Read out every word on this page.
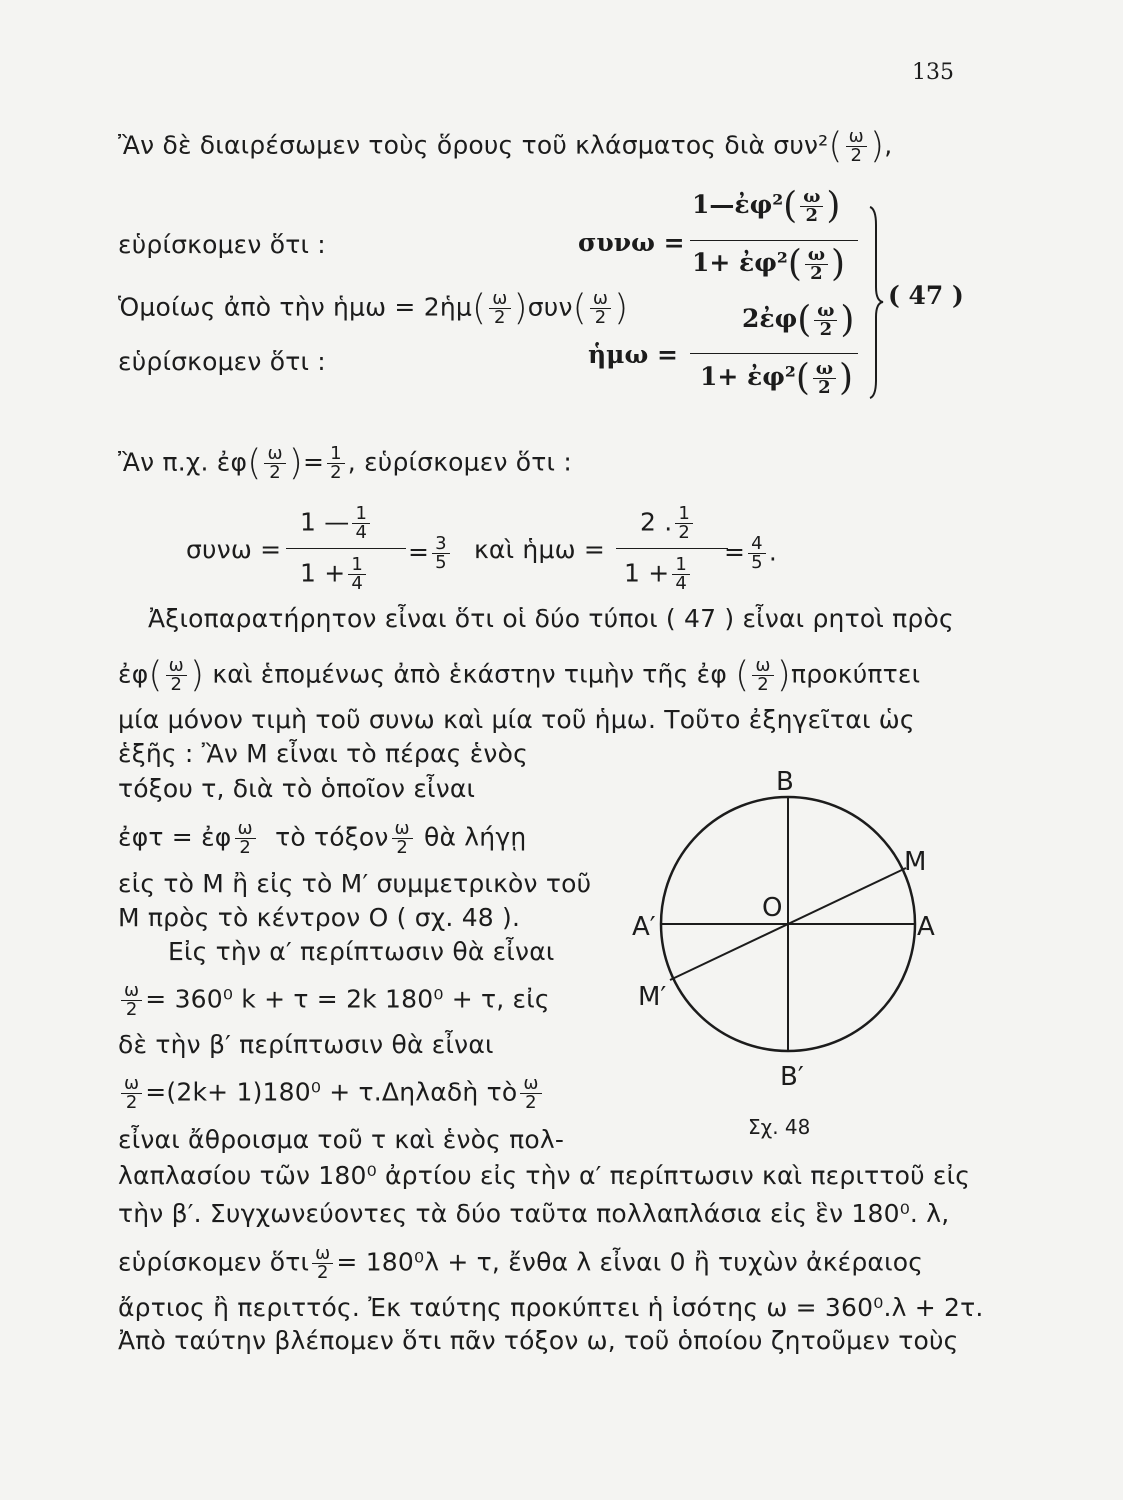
135
Ἂν δὲ διαιρέσωμεν τοὺς ὅρους τοῦ κλάσματος διὰ $\sigma\upsilon\nu^2( \frac{\omega}{2}$ ),
εὑρίσκομεν ὅτι :	συνω =
1—ἐφ²( $\frac{\omega}{2}$ )
1+ ἐφ²( $\frac{\omega}{2}$ )
Ὁμοίως ἀπὸ τὴν ἡμω = 2ἡμ( $\frac{\omega}{2} )\sigma\upsilon\nu( \frac{\omega}{2}$ )
εὑρίσκομεν ὅτι :	ἡμω =
2ἐφ( $\frac{\omega}{2}$ )
1+ ἐφ²( $\frac{\omega}{2}$ )
( 47 )
Ἂν π.χ. ἐφ( $\frac{\omega}{2}$ )= $\frac{1}{2}$ , εὑρίσκομεν ὅτι :
συνω =
1 — $\frac{1}{4}$
$1 + \frac{1}{4}$
= $\frac{3}{5}$ καὶ ἡμω =
2 . $\frac{1}{2}$
$1 + \frac{1}{4}$
= $\frac{4}{5}$ .
Ἀξιοπαρατήρητον εἶναι ὅτι οἱ δύο τύποι ( 47 ) εἶναι ρητοὶ πρὸς
ἐφ( $\frac{\omega}{2}$ ) καὶ ἑπομένως ἀπὸ ἑκάστην τιμὴν τῆς ἐφ ( $\frac{\omega}{2} )\pi\rho o\kappa ύ\pi\tau\varepsilon\iota$
μία μόνον τιμὴ τοῦ συνω καὶ μία τοῦ ἡμω. Τοῦτο ἐξηγεῖται ὡς
ἑξῆς : Ἂν Μ εἶναι τὸ πέρας ἑνὸς
τόξου τ, διὰ τὸ ὁποῖον εἶναι
ἐφτ = ἐφ $\frac{\omega}{2}$ τὸ τόξον $\frac{\omega}{2}$ θὰ λήγῃ
εἰς τὸ Μ ἢ εἰς τὸ Μ′ συμμετρικὸν τοῦ
Μ πρὸς τὸ κέντρον Ο ( σχ. 48 ).
Εἰς τὴν α′ περίπτωσιν θὰ εἶναι
$\frac{\omega}{2} = 360^0$ k + τ = 2k 180⁰ + τ, εἰς
δὲ τὴν β′ περίπτωσιν θὰ εἶναι
$\frac{\omega}{2} =(2k+ 1)180^0$ + τ.Δηλαδὴ τὸ $\frac{\omega}{2}$
εἶναι ἄθροισμα τοῦ τ καὶ ἑνὸς πολ-
λαπλασίου τῶν 180⁰ ἀρτίου εἰς τὴν α′ περίπτωσιν καὶ περιττοῦ εἰς
τὴν β′. Συγχωνεύοντες τὰ δύο ταῦτα πολλαπλάσια εἰς ἓν 180⁰. λ,
εὑρίσκομεν ὅτι $\frac{\omega}{2} = 180^0\lambda + \tau$, ἔνθα λ εἶναι 0 ἢ τυχὼν ἀκέραιος
ἄρτιος ἢ περιττός. Ἐκ ταύτης προκύπτει ἡ ἰσότης ω = 360⁰.λ + 2τ.
Ἀπὸ ταύτην βλέπομεν ὅτι πᾶν τόξον ω, τοῦ ὁποίου ζητοῦμεν τοὺς
B
B′
A
A′
M
M′
O
Σχ. 48
